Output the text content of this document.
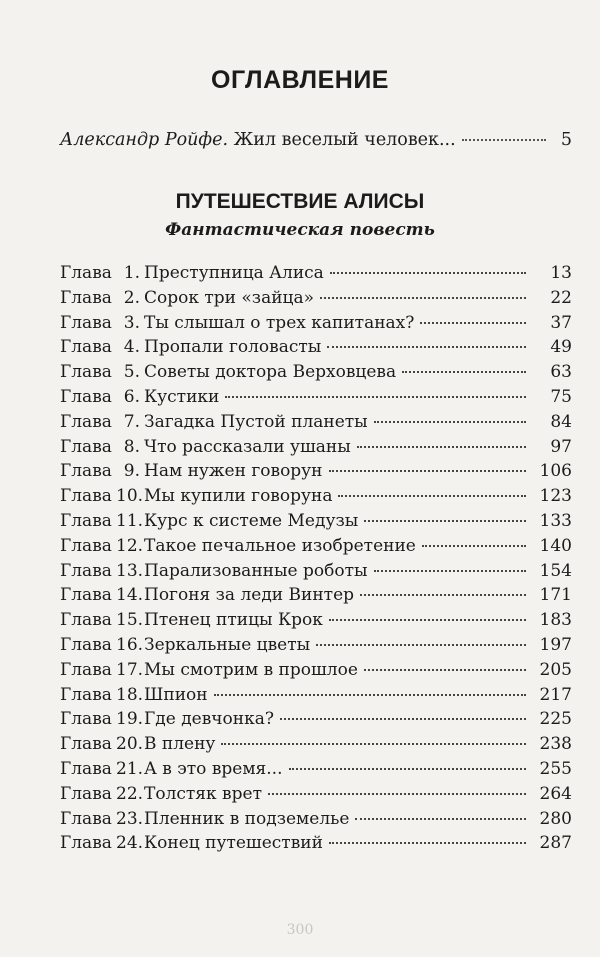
ОГЛАВЛЕНИЕ
Александр Ройфе.
Жил веселый человек...	5
ПУТЕШЕСТВИЕ АЛИСЫ
Фантастическая повесть
Глава 1. Преступница Алиса	13
Глава 2. Сорок три «зайца»	22
Глава 3. Ты слышал о трех капитанах?	37
Глава 4. Пропали головасты	49
Глава 5. Советы доктора Верховцева	63
Глава 6. Кустики	75
Глава 7. Загадка Пустой планеты	84
Глава 8. Что рассказали ушаны	97
Глава 9. Нам нужен говорун	106
Глава 10. Мы купили говоруна	123
Глава 11. Курс к системе Медузы	133
Глава 12. Такое печальное изобретение	140
Глава 13. Парализованные роботы	154
Глава 14. Погоня за леди Винтер	171
Глава 15. Птенец птицы Крок	183
Глава 16. Зеркальные цветы	197
Глава 17. Мы смотрим в прошлое	205
Глава 18. Шпион	217
Глава 19. Где девчонка?	225
Глава 20. В плену	238
Глава 21. А в это время...	255
Глава 22. Толстяк врет	264
Глава 23. Пленник в подземелье	280
Глава 24. Конец путешествий	287
300
